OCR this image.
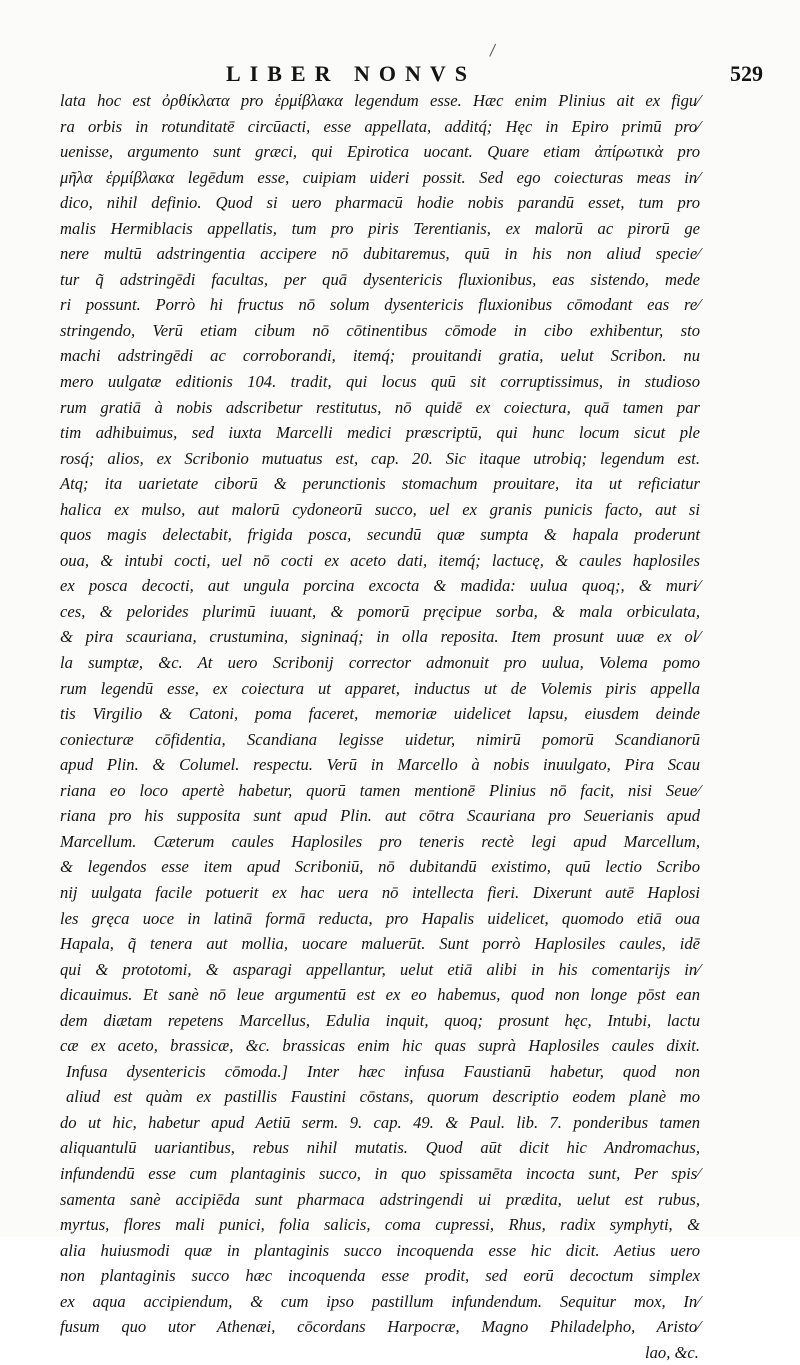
LIBER NONVS	529
lata hoc est ὀρθίκλατα pro ἑρμίβλακα legendum esse. Hæc enim Plinius ait ex figu⁄
ra orbis in rotunditatē circūacti, esse appellata, additq́; Hęc in Epiro primū pro⁄
uenisse, argumento sunt græci, qui Epirotica uocant. Quare etiam ἀπίρωτικὰ pro
μῆλα ἑρμίβλακα legēdum esse, cuipiam uideri possit. Sed ego coiecturas meas in⁄
dico, nihil definio. Quod si uero pharmacū hodie nobis parandū esset, tum pro
malis Hermiblacis appellatis, tum pro piris Terentianis, ex malorū ac pirorū ge
nere multū adstringentia accipere nō dubitaremus, quū in his non aliud specie⁄
tur q̃ adstringēdi facultas, per quā dysentericis fluxionibus, eas sistendo, mede
ri possunt. Porrò hi fructus nō solum dysentericis fluxionibus cōmodant eas re⁄
stringendo, Verū etiam cibum nō cōtinentibus cōmode in cibo exhibentur, sto
machi adstringēdi ac corroborandi, itemq́; prouitandi gratia, uelut Scribon. nu
mero uulgatæ editionis 104. tradit, qui locus quū sit corruptissimus, in studioso
rum gratiā à nobis adscribetur restitutus, nō quidē ex coiectura, quā tamen par
tim adhibuimus, sed iuxta Marcelli medici præscriptū, qui hunc locum sicut ple
rosq́; alios, ex Scribonio mutuatus est, cap. 20. Sic itaque utrobiq; legendum est.
Atq; ita uarietate ciborū & perunctionis stomachum prouitare, ita ut reficiatur
halica ex mulso, aut malorū cydoneorū succo, uel ex granis punicis facto, aut si
quos magis delectabit, frigida posca, secundū quæ sumpta & hapala proderunt
oua, & intubi cocti, uel nō cocti ex aceto dati, itemq́; lactucę, & caules haplosiles
ex posca decocti, aut ungula porcina excocta & madida: uulua quoq;, & muri⁄
ces, & pelorides plurimū iuuant, & pomorū pręcipue sorba, & mala orbiculata,
& pira scauriana, crustumina, signinaq́; in olla reposita. Item prosunt uuæ ex ol⁄
la sumptæ, &c. At uero Scribonij corrector admonuit pro uulua, Volema pomo
rum legendū esse, ex coiectura ut apparet, inductus ut de Volemis piris appella
tis Virgilio & Catoni, poma faceret, memoriæ uidelicet lapsu, eiusdem deinde
coniecturæ cōfidentia, Scandiana legisse uidetur, nimirū pomorū Scandianorū
apud Plin. & Columel. respectu. Verū in Marcello à nobis inuulgato, Pira Scau
riana eo loco apertè habetur, quorū tamen mentionē Plinius nō facit, nisi Seue⁄
riana pro his supposita sunt apud Plin. aut cōtra Scauriana pro Seuerianis apud
Marcellum. Cæterum caules Haplosiles pro teneris rectè legi apud Marcellum,
& legendos esse item apud Scriboniū, nō dubitandū existimo, quū lectio Scribo
nij uulgata facile potuerit ex hac uera nō intellecta fieri. Dixerunt autē Haplosi
les gręca uoce in latinā formā reducta, pro Hapalis uidelicet, quomodo etiā oua
Hapala, q̃ tenera aut mollia, uocare maluerūt. Sunt porrò Haplosiles caules, idē
qui & prototomi, & asparagi appellantur, uelut etiā alibi in his comentarijs in⁄
dicauimus. Et sanè nō leue argumentū est ex eo habemus, quod non longe pōst ean
dem diætam repetens Marcellus, Edulia inquit, quoq; prosunt hęc, Intubi, lactu
cæ ex aceto, brassicæ, &c. brassicas enim hic quas suprà Haplosiles caules dixit.
Infusa dysentericis cōmoda.] Inter hæc infusa Faustianū habetur, quod non
aliud est quàm ex pastillis Faustini cōstans, quorum descriptio eodem planè mo
do ut hic, habetur apud Aetiū serm. 9. cap. 49. & Paul. lib. 7. ponderibus tamen
aliquantulū uariantibus, rebus nihil mutatis. Quod aūt dicit hic Andromachus,
infundendū esse cum plantaginis succo, in quo spissamēta incocta sunt, Per spis⁄
samenta sanè accipiēda sunt pharmaca adstringendi ui prædita, uelut est rubus,
myrtus, flores mali punici, folia salicis, coma cupressi, Rhus, radix symphyti, &
alia huiusmodi quæ in plantaginis succo incoquenda esse hic dicit. Aetius uero
non plantaginis succo hæc incoquenda esse prodit, sed eorū decoctum simplex
ex aqua accipiendum, & cum ipso pastillum infundendum. Sequitur mox, In⁄
fusum quo utor Athenæi, cōcordans Harpocræ, Magno Philadelpho, Aristo⁄
lao, &c.
